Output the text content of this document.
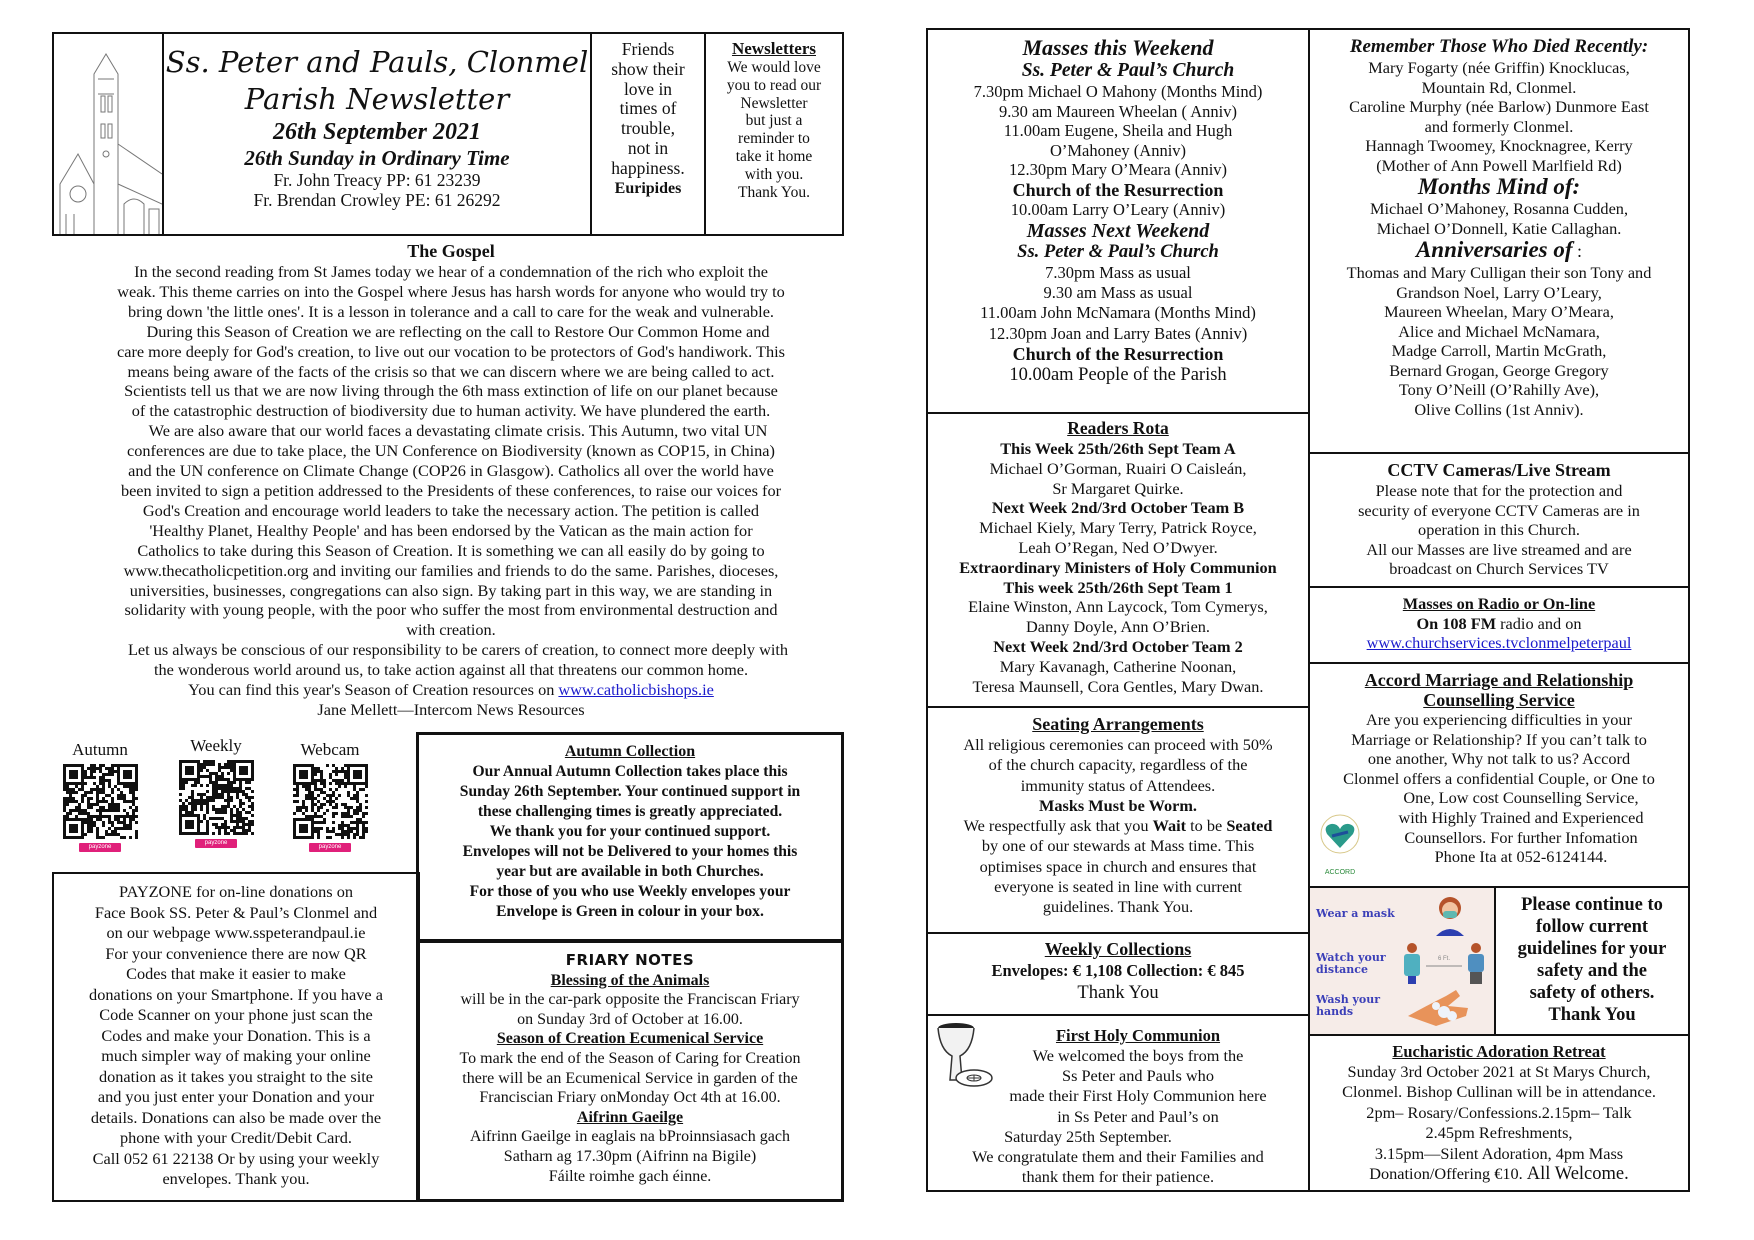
Ss. Peter and Pauls, Clonmel
Parish Newsletter
26th September 2021
26th Sunday in Ordinary Time
Fr. John Treacy PP: 61 23239
Fr. Brendan Crowley PE: 61 26292
Friends
show their
love in
times of
trouble,
not in
happiness.
Euripides
Newsletters
We would love
you to read our
Newsletter
but just a
reminder to
take it home
with you.
Thank You.
The Gospel
In the second reading from St James today we hear of a condemnation of the rich who exploit the
weak. This theme carries on into the Gospel where Jesus has harsh words for anyone who would try to
bring down 'the little ones'. It is a lesson in tolerance and a call to care for the weak and vulnerable.
During this Season of Creation we are reflecting on the call to Restore Our Common Home and
care more deeply for God's creation, to live out our vocation to be protectors of God's handiwork. This
means being aware of the facts of the crisis so that we can discern where we are being called to act.
Scientists tell us that we are now living through the 6th mass extinction of life on our planet because
of the catastrophic destruction of biodiversity due to human activity. We have plundered the earth.
We are also aware that our world faces a devastating climate crisis. This Autumn, two vital UN
conferences are due to take place, the UN Conference on Biodiversity (known as COP15, in China)
and the UN conference on Climate Change (COP26 in Glasgow). Catholics all over the world have
been invited to sign a petition addressed to the Presidents of these conferences, to raise our voices for
God's Creation and encourage world leaders to take the necessary action. The petition is called
'Healthy Planet, Healthy People' and has been endorsed by the Vatican as the main action for
Catholics to take during this Season of Creation. It is something we can all easily do by going to
www.thecatholicpetition.org and inviting our families and friends to do the same. Parishes, dioceses,
universities, businesses, congregations can also sign. By taking part in this way, we are standing in
solidarity with young people, with the poor who suffer the most from environmental destruction and
with creation.
Let us always be conscious of our responsibility to be carers of creation, to connect more deeply with
the wonderous world around us, to take action against all that threatens our common home.
You can find this year's Season of Creation resources on www.catholicbishops.ie
Jane Mellett—Intercom News Resources
Autumn
payzone
Weekly
payzone
Webcam
payzone
PAYZONE for on-line donations on
Face Book SS. Peter & Paul’s Clonmel and
on our webpage www.sspeterandpaul.ie
For your convenience there are now QR
Codes that make it easier to make
donations on your Smartphone. If you have a
Code Scanner on your phone just scan the
Codes and make your Donation. This is a
much simpler way of making your online
donation as it takes you straight to the site
and you just enter your Donation and your
details. Donations can also be made over the
phone with your Credit/Debit Card.
Call 052 61 22138 Or by using your weekly
envelopes. Thank you.
Autumn Collection
Our Annual Autumn Collection takes place this
Sunday 26th September. Your continued support in
these challenging times is greatly appreciated.
We thank you for your continued support.
Envelopes will not be Delivered to your homes this
year but are available in both Churches.
For those of you who use Weekly envelopes your
Envelope is Green in colour in your box.
FRIARY NOTES
Blessing of the Animals
will be in the car-park opposite the Franciscan Friary
on Sunday 3rd of October at 16.00.
Season of Creation Ecumenical Service
To mark the end of the Season of Caring for Creation
there will be an Ecumenical Service in garden of the
Franciscian Friary onMonday Oct 4th at 16.00.
Aifrinn Gaeilge
Aifrinn Gaeilge in eaglais na bProinnsiasach gach
Satharn ag 17.30pm (Aifrinn na Bigile)
Fáilte roimhe gach éinne.
Masses this Weekend
Ss. Peter & Paul’s Church
7.30pm Michael O Mahony (Months Mind)
9.30 am Maureen Wheelan ( Anniv)
11.00am Eugene, Sheila and Hugh
O’Mahoney (Anniv)
12.30pm Mary O’Meara (Anniv)
Church of the Resurrection
10.00am Larry O’Leary (Anniv)
Masses Next Weekend
Ss. Peter & Paul’s Church
7.30pm Mass as usual
9.30 am Mass as usual
11.00am John McNamara (Months Mind)
12.30pm Joan and Larry Bates (Anniv)
Church of the Resurrection
10.00am People of the Parish
Remember Those Who Died Recently:
Mary Fogarty (née Griffin) Knocklucas,
Mountain Rd, Clonmel.
Caroline Murphy (née Barlow) Dunmore East
and formerly Clonmel.
Hannagh Twoomey, Knocknagree, Kerry
(Mother of Ann Powell Marlfield Rd)
Months Mind of:
Michael O’Mahoney, Rosanna Cudden,
Michael O’Donnell, Katie Callaghan.
Anniversaries of :
Thomas and Mary Culligan their son Tony and
Grandson Noel, Larry O’Leary,
Maureen Wheelan, Mary O’Meara,
Alice and Michael McNamara,
Madge Carroll, Martin McGrath,
Bernard Grogan, George Gregory
Tony O’Neill (O’Rahilly Ave),
Olive Collins (1st Anniv).
Readers Rota
This Week 25th/26th Sept Team A
Michael O’Gorman, Ruairi O Caisleán,
Sr Margaret Quirke.
Next Week 2nd/3rd October Team B
Michael Kiely, Mary Terry, Patrick Royce,
Leah O’Regan, Ned O’Dwyer.
Extraordinary Ministers of Holy Communion
This week 25th/26th Sept Team 1
Elaine Winston, Ann Laycock, Tom Cymerys,
Danny Doyle, Ann O’Brien.
Next Week 2nd/3rd October Team 2
Mary Kavanagh, Catherine Noonan,
Teresa Maunsell, Cora Gentles, Mary Dwan.
CCTV Cameras/Live Stream
Please note that for the protection and
security of everyone CCTV Cameras are in
operation in this Church.
All our Masses are live streamed and are
broadcast on Church Services TV
Masses on Radio or On-line
On 108 FM radio and on
www.churchservices.tvclonmelpeterpaul
Accord Marriage and Relationship
Counselling Service
Are you experiencing difficulties in your
Marriage or Relationship? If you can’t talk to
one another, Why not talk to us? Accord
Clonmel offers a confidential Couple, or One to
One, Low cost Counselling Service,
with Highly Trained and Experienced
Counsellors. For further Infomation
Phone Ita at 052-6124144.
ACCORD
Seating Arrangements
All religious ceremonies can proceed with 50%
of the church capacity, regardless of the
immunity status of Attendees.
Masks Must be Worm.
We respectfully ask that you Wait to be Seated
by one of our stewards at Mass time. This
optimises space in church and ensures that
everyone is seated in line with current
guidelines. Thank You.
Weekly Collections
Envelopes: € 1,108 Collection: € 845
Thank You
First Holy Communion
We welcomed the boys from the
Ss Peter and Pauls who
made their First Holy Communion here
in Ss Peter and Paul’s on
Saturday 25th September.
We congratulate them and their Families and
thank them for their patience.
Wear a mask
Watch your distance
6 Ft.
Wash your hands
Please continue to
follow current
guidelines for your
safety and the
safety of others.
Thank You
Eucharistic Adoration Retreat
Sunday 3rd October 2021 at St Marys Church,
Clonmel. Bishop Cullinan will be in attendance.
2pm– Rosary/Confessions.2.15pm– Talk
2.45pm Refreshments,
3.15pm—Silent Adoration, 4pm Mass
Donation/Offering €10. All Welcome.
